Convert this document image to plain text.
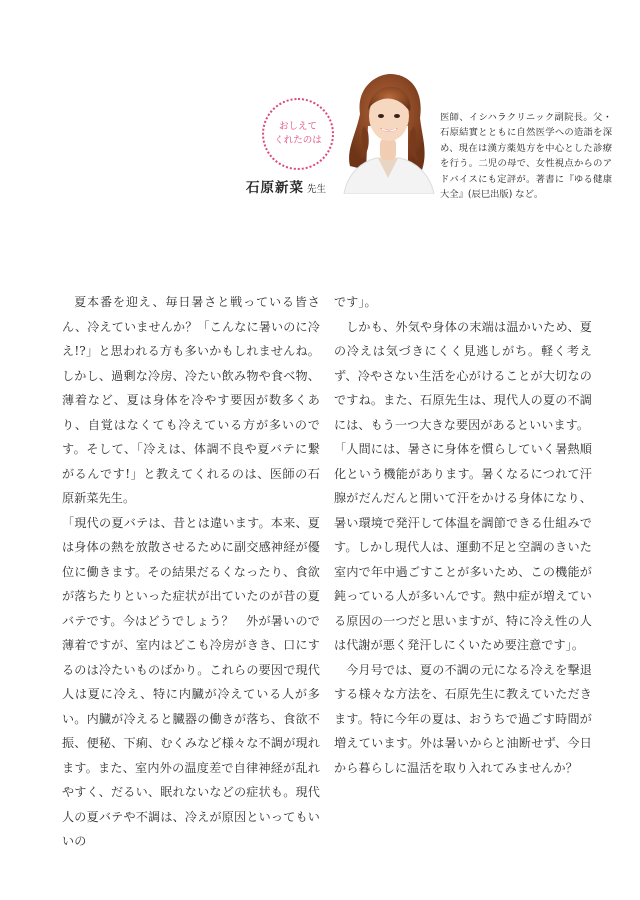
おしえて
くれたのは
石原新菜 先生
医師、イシハラクリニック副院長。父・石原結實とともに自然医学への造詣を深め、現在は漢方薬処方を中心とした診療を行う。二児の母で、女性視点からのアドバイスにも定評が。著書に『ゆる健康大全』(辰巳出版) など。

夏本番を迎え、毎日暑さと戦っている皆さん、冷えていませんか？「こんなに暑いのに冷え!?」と思われる方も多いかもしれませんね。しかし、過剰な冷房、冷たい飲み物や食べ物、薄着など、夏は身体を冷やす要因が数多くあり、自覚はなくても冷えている方が多いのです。そして、「冷えは、体調不良や夏バテに繋がるんです!」と教えてくれるのは、医師の石原新菜先生。

「現代の夏バテは、昔とは違います。本来、夏は身体の熱を放散させるために副交感神経が優位に働きます。その結果だるくなったり、食欲が落ちたりといった症状が出ていたのが昔の夏バテです。今はどうでしょう？　外が暑いので薄着ですが、室内はどこも冷房がきき、口にするのは冷たいものばかり。これらの要因で現代人は夏に冷え、特に内臓が冷えている人が多い。内臓が冷えると臓器の働きが落ち、食欲不振、便秘、下痢、むくみなど様々な不調が現れます。また、室内外の温度差で自律神経が乱れやすく、だるい、眠れないなどの症状も。現代人の夏バテや不調は、冷えが原因といってもいいの

です」。

しかも、外気や身体の末端は温かいため、夏の冷えは気づきにくく見逃しがち。軽く考えず、冷やさない生活を心がけることが大切なのですね。また、石原先生は、現代人の夏の不調には、もう一つ大きな要因があるといいます。

「人間には、暑さに身体を慣らしていく暑熱順化という機能があります。暑くなるにつれて汗腺がだんだんと開いて汗をかける身体になり、暑い環境で発汗して体温を調節できる仕組みです。しかし現代人は、運動不足と空調のきいた室内で年中過ごすことが多いため、この機能が鈍っている人が多いんです。熱中症が増えている原因の一つだと思いますが、特に冷え性の人は代謝が悪く発汗しにくいため要注意です」。

今月号では、夏の不調の元になる冷えを撃退する様々な方法を、石原先生に教えていただきます。特に今年の夏は、おうちで過ごす時間が増えています。外は暑いからと油断せず、今日から暮らしに温活を取り入れてみませんか？
